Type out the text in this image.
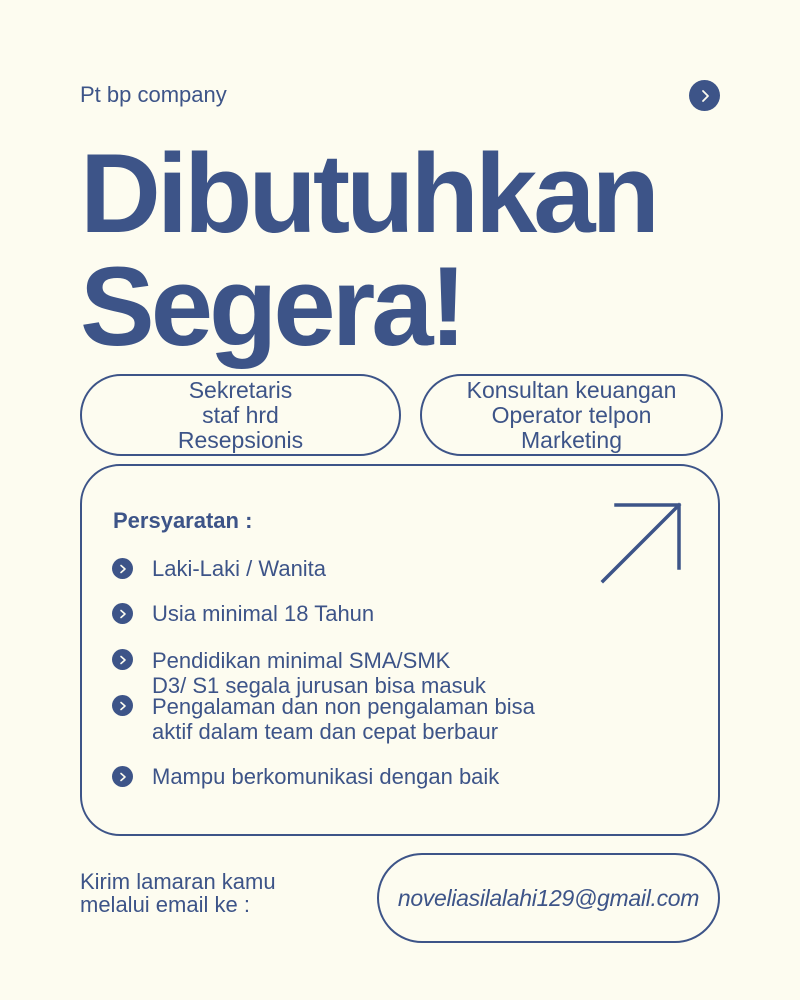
Pt bp company
Dibutuhkan
Segera!
Sekretaris
staf hrd
Resepsionis
Konsultan keuangan
Operator telpon
Marketing
Persyaratan :
Laki-Laki / Wanita
Usia minimal 18 Tahun
Pendidikan minimal SMA/SMK
D3/ S1 segala jurusan bisa masuk
Pengalaman dan non pengalaman bisa
aktif dalam team dan cepat berbaur
Mampu berkomunikasi dengan baik
Kirim lamaran kamu
melalui email ke :	noveliasilalahi129@gmail.com
